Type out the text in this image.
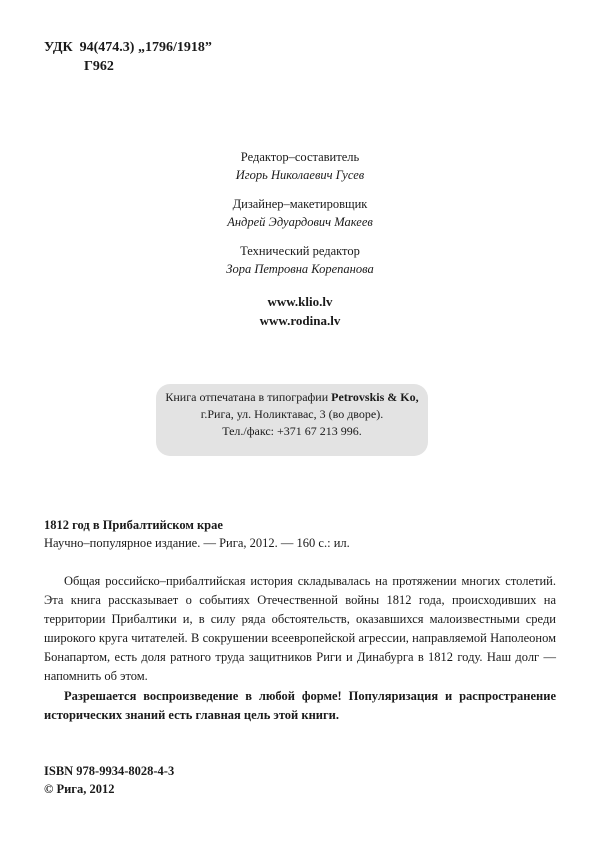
УДК  94(474.3) „1796/1918”
Г962
Редактор–составитель
Игорь Николаевич Гусев
Дизайнер–макетировщик
Андрей Эдуардович Макеев
Технический редактор
Зора Петровна Корепанова
www.klio.lv
www.rodina.lv
Книга отпечатана в типографии Petrovskis & Ko,
г.Рига, ул. Ноликтавас, 3 (во дворе).
Тел./факс: +371 67 213 996.
1812 год в Прибалтийском крае
Научно–популярное издание. — Рига, 2012. — 160 с.: ил.
Общая российско–прибалтийская история складывалась на протяжении многих столетий. Эта книга рассказывает о событиях Отечественной войны 1812 года, происходивших на территории Прибалтики и, в силу ряда обстоятельств, оказавшихся малоизвестными среди широкого круга читателей. В сокрушении всеевропейской агрессии, направляемой Наполеоном Бонапартом, есть доля ратного труда защитников Риги и Динабурга в 1812 году. Наш долг — напомнить об этом.
Разрешается воспроизведение в любой форме! Популяризация и распространение исторических знаний есть главная цель этой книги.
ISBN 978-9934-8028-4-3
© Рига, 2012
